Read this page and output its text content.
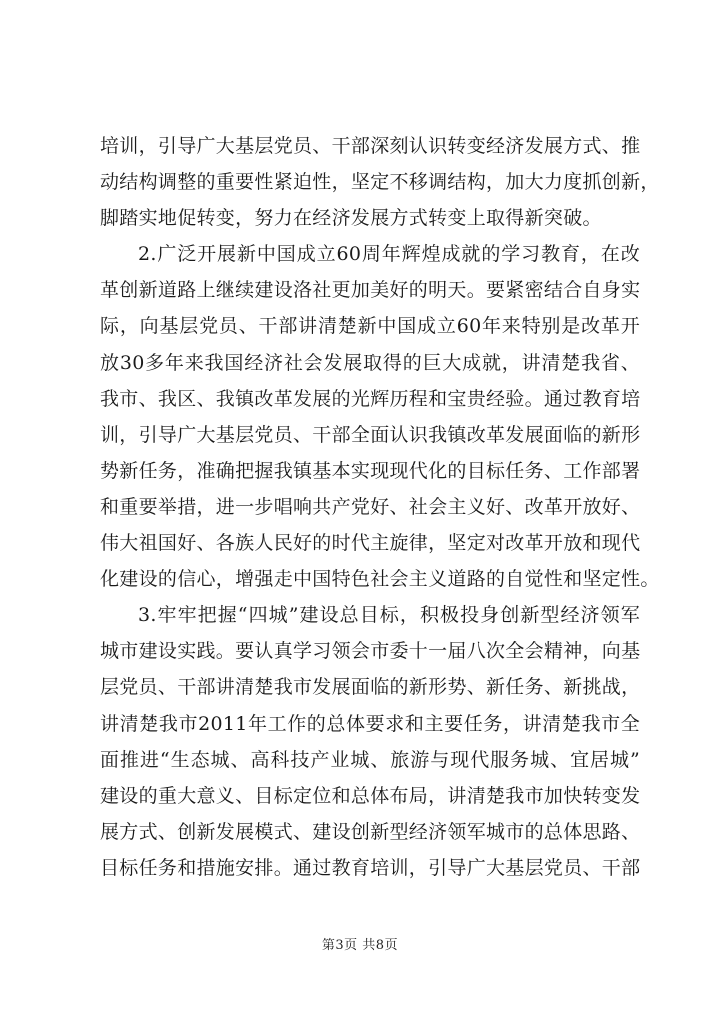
培训，引导广大基层党员、干部深刻认识转变经济发展方式、推
动结构调整的重要性紧迫性，坚定不移调结构，加大力度抓创新，
脚踏实地促转变，努力在经济发展方式转变上取得新突破。
2.广泛开展新中国成立60周年辉煌成就的学习教育，在改
革创新道路上继续建设洛社更加美好的明天。要紧密结合自身实
际，向基层党员、干部讲清楚新中国成立60年来特别是改革开
放30多年来我国经济社会发展取得的巨大成就，讲清楚我省、
我市、我区、我镇改革发展的光辉历程和宝贵经验。通过教育培
训，引导广大基层党员、干部全面认识我镇改革发展面临的新形
势新任务，准确把握我镇基本实现现代化的目标任务、工作部署
和重要举措，进一步唱响共产党好、社会主义好、改革开放好、
伟大祖国好、各族人民好的时代主旋律，坚定对改革开放和现代
化建设的信心，增强走中国特色社会主义道路的自觉性和坚定性。
3.牢牢把握“四城”建设总目标，积极投身创新型经济领军
城市建设实践。要认真学习领会市委十一届八次全会精神，向基
层党员、干部讲清楚我市发展面临的新形势、新任务、新挑战，
讲清楚我市2011年工作的总体要求和主要任务，讲清楚我市全
面推进“生态城、高科技产业城、旅游与现代服务城、宜居城”
建设的重大意义、目标定位和总体布局，讲清楚我市加快转变发
展方式、创新发展模式、建设创新型经济领军城市的总体思路、
目标任务和措施安排。通过教育培训，引导广大基层党员、干部
第3页 共8页
